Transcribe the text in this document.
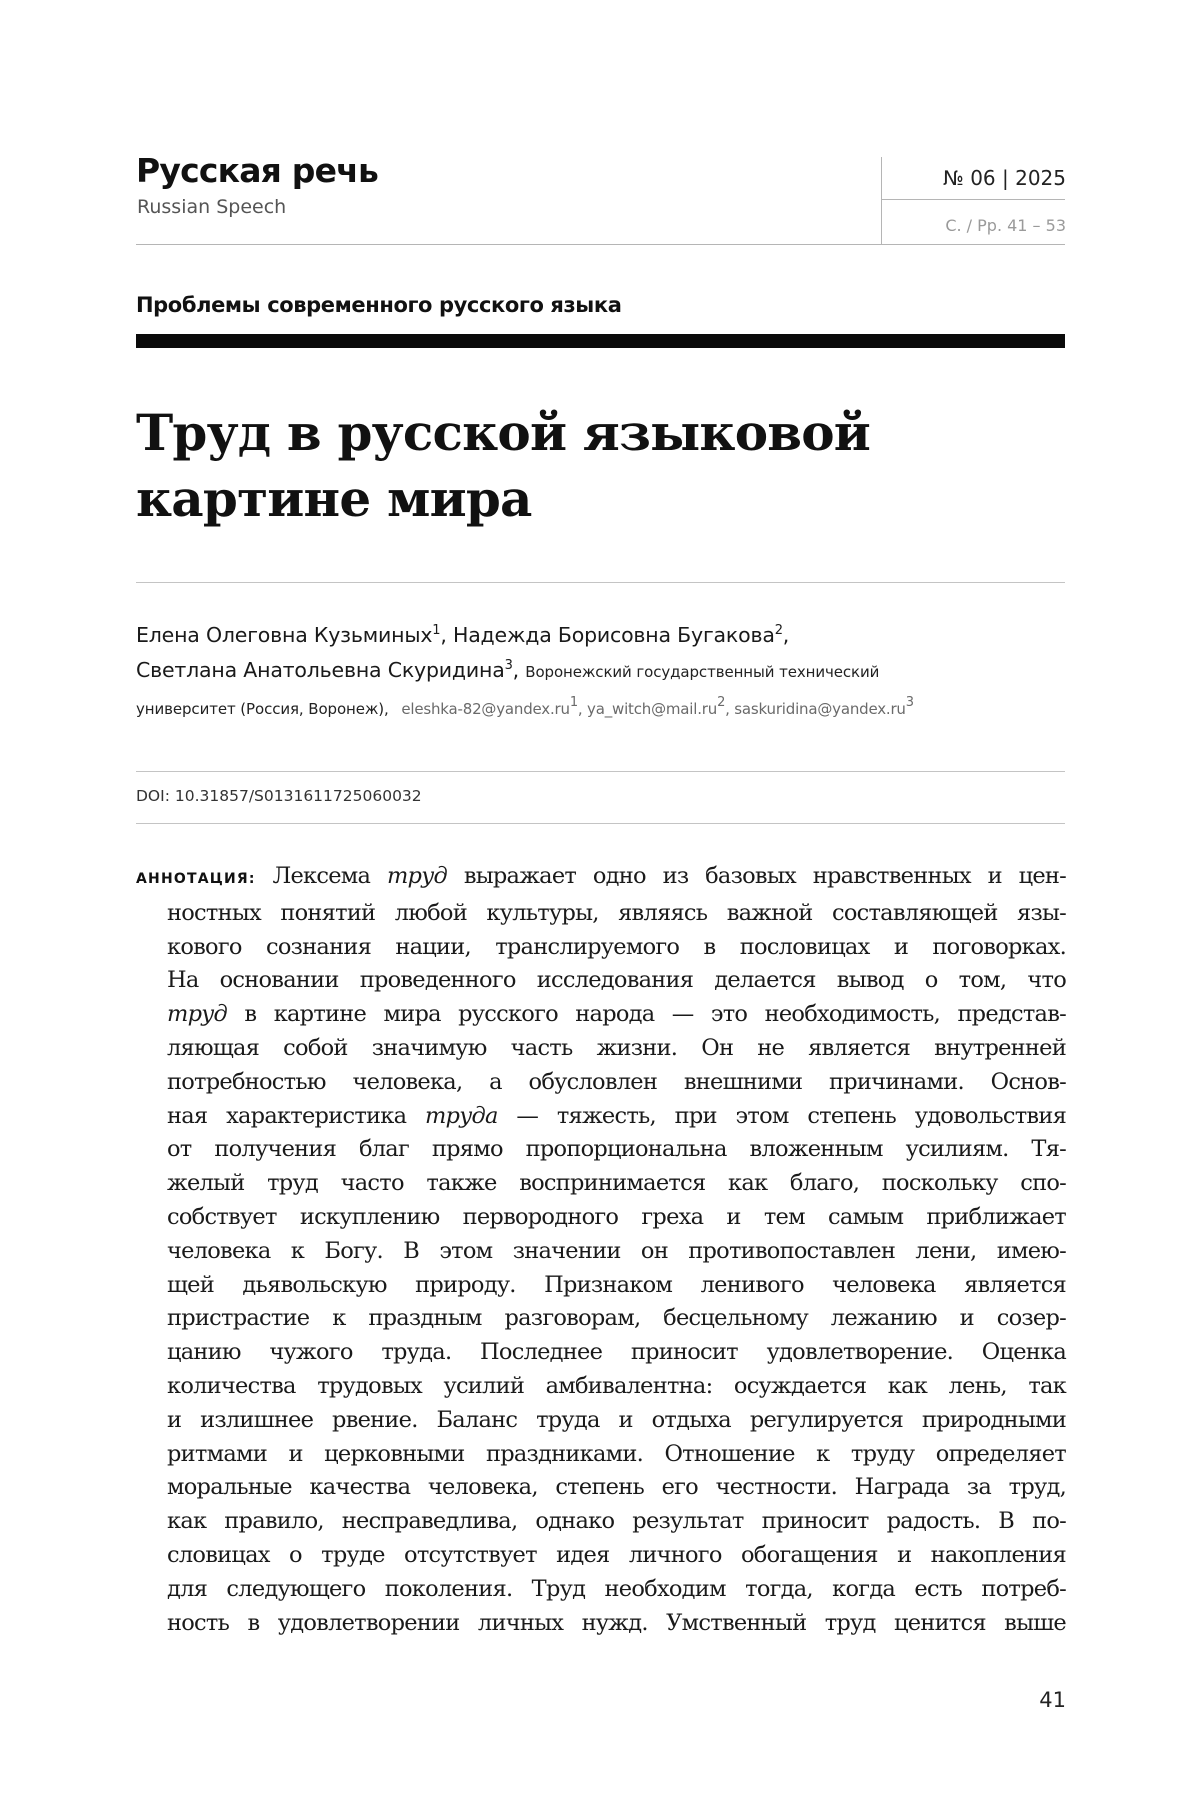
Русская речь
Russian Speech
№ 06 | 2025
С. / Pp. 41 – 53
Проблемы современного русского языка
Труд в русской языковой
картине мира
Елена Олеговна Кузьминых$^1$, Надежда Борисовна Бугакова$^2$,
Светлана Анатольевна Скуридина$^3$, Воронежский государственный технический
университет (Россия, Воронеж), eleshka-$82@yandex.ru^1$, $ya\_witch@mail.ru^2$, $saskuridina@yandex.ru^3$
DOI: 10.31857/S0131611725060032
АННОТАЦИЯ: Лексема труд выражает одно из базовых нравственных и цен-
ностных понятий любой культуры, являясь важной составляющей язы-
кового сознания нации, транслируемого в пословицах и поговорках.
На основании проведенного исследования делается вывод о том, что
труд в картине мира русского народа — это необходимость, представ-
ляющая собой значимую часть жизни. Он не является внутренней
потребностью человека, а обусловлен внешними причинами. Основ-
ная характеристика труда — тяжесть, при этом степень удовольствия
от получения благ прямо пропорциональна вложенным усилиям. Тя-
желый труд часто также воспринимается как благо, поскольку спо-
собствует искуплению первородного греха и тем самым приближает
человека к Богу. В этом значении он противопоставлен лени, имею-
щей дьявольскую природу. Признаком ленивого человека является
пристрастие к праздным разговорам, бесцельному лежанию и созер-
цанию чужого труда. Последнее приносит удовлетворение. Оценка
количества трудовых усилий амбивалентна: осуждается как лень, так
и излишнее рвение. Баланс труда и отдыха регулируется природными
ритмами и церковными праздниками. Отношение к труду определяет
моральные качества человека, степень его честности. Награда за труд,
как правило, несправедлива, однако результат приносит радость. В по-
словицах о труде отсутствует идея личного обогащения и накопления
для следующего поколения. Труд необходим тогда, когда есть потреб-
ность в удовлетворении личных нужд. Умственный труд ценится выше
41
